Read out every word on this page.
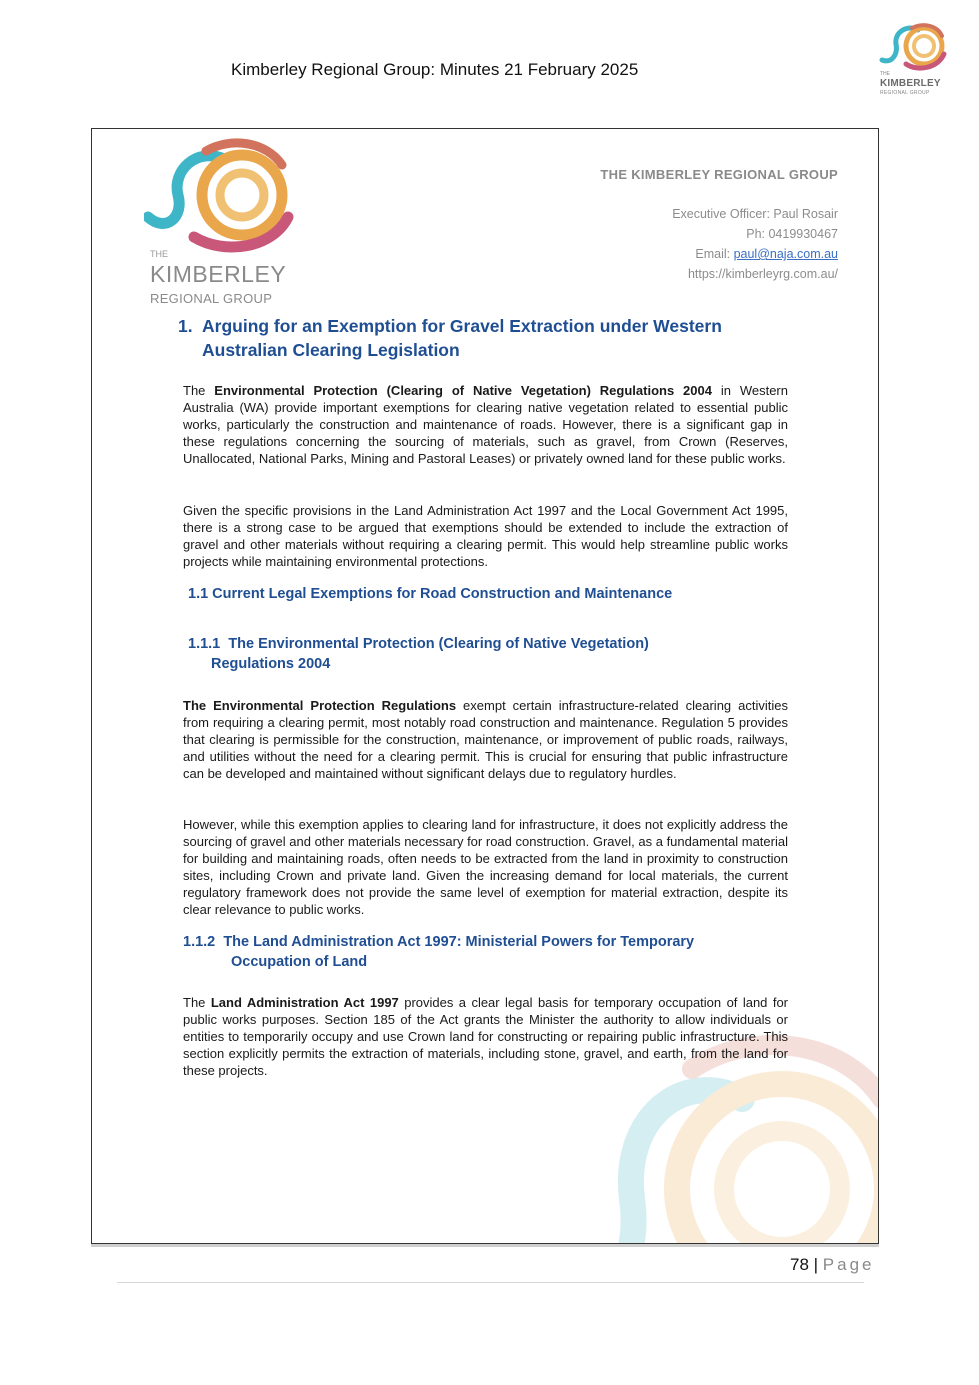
Kimberley Regional Group: Minutes 21 February 2025	THE
KIMBERLEY
REGIONAL GROUP
THE
KIMBERLEY
REGIONAL GROUP
THE KIMBERLEY REGIONAL GROUP
Executive Officer: Paul Rosair
Ph: 0419930467
Email: paul@naja.com.au
https://kimberleyrg.com.au/
1. Arguing for an Exemption for Gravel Extraction under Western
Australian Clearing Legislation

The Environmental Protection (Clearing of Native Vegetation) Regulations 2004 in Western Australia (WA) provide important exemptions for clearing native vegetation related to essential public works, particularly the construction and maintenance of roads. However, there is a significant gap in these regulations concerning the sourcing of materials, such as gravel, from Crown (Reserves, Unallocated, National Parks, Mining and Pastoral Leases) or privately owned land for these public works.

Given the specific provisions in the Land Administration Act 1997 and the Local Government Act 1995, there is a strong case to be argued that exemptions should be extended to include the extraction of gravel and other materials without requiring a clearing permit. This would help streamline public works projects while maintaining environmental protections.

1.1 Current Legal Exemptions for Road Construction and Maintenance
1.1.1 The Environmental Protection (Clearing of Native Vegetation)
Regulations 2004

The Environmental Protection Regulations exempt certain infrastructure-related clearing activities from requiring a clearing permit, most notably road construction and maintenance. Regulation 5 provides that clearing is permissible for the construction, maintenance, or improvement of public roads, railways, and utilities without the need for a clearing permit. This is crucial for ensuring that public infrastructure can be developed and maintained without significant delays due to regulatory hurdles.

However, while this exemption applies to clearing land for infrastructure, it does not explicitly address the sourcing of gravel and other materials necessary for road construction. Gravel, as a fundamental material for building and maintaining roads, often needs to be extracted from the land in proximity to construction sites, including Crown and private land. Given the increasing demand for local materials, the current regulatory framework does not provide the same level of exemption for material extraction, despite its clear relevance to public works.

1.1.2 The Land Administration Act 1997: Ministerial Powers for Temporary
Occupation of Land

The Land Administration Act 1997 provides a clear legal basis for temporary occupation of land for public works purposes. Section 185 of the Act grants the Minister the authority to allow individuals or entities to temporarily occupy and use Crown land for constructing or repairing public infrastructure. This section explicitly permits the extraction of materials, including stone, gravel, and earth, from the land for these projects.

78 | Page
